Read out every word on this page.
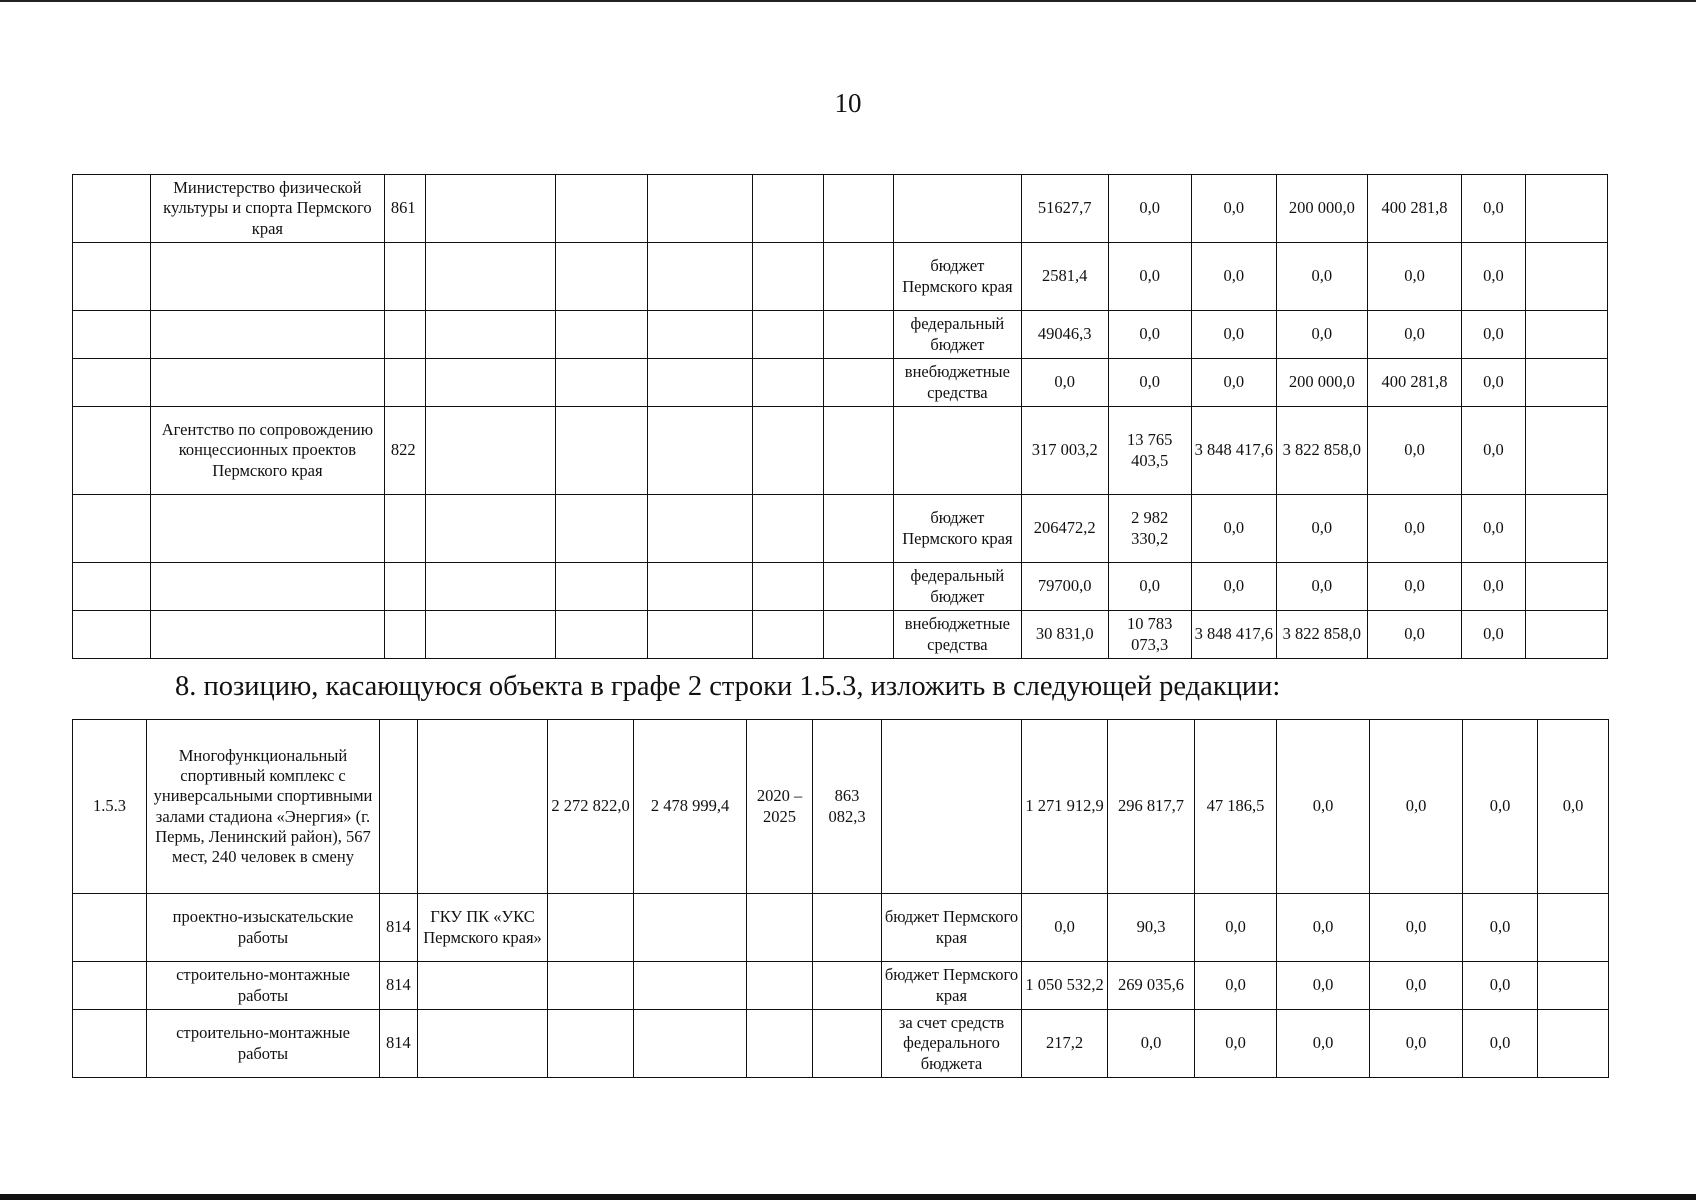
10
	Министерство физической культуры и спорта Пермского края	861							51627,7	0,0	0,0	200 000,0	400 281,8	0,0	
								бюджет Пермского края	2581,4	0,0	0,0	0,0	0,0	0,0	
								федеральный бюджет	49046,3	0,0	0,0	0,0	0,0	0,0	
								внебюджетные средства	0,0	0,0	0,0	200 000,0	400 281,8	0,0	
	Агентство по сопровождению концессионных проектов Пермского края	822							317 003,2	13 765 403,5	3 848 417,6	3 822 858,0	0,0	0,0	
								бюджет Пермского края	206472,2	2 982 330,2	0,0	0,0	0,0	0,0	
								федеральный бюджет	79700,0	0,0	0,0	0,0	0,0	0,0	
								внебюджетные средства	30 831,0	10 783 073,3	3 848 417,6	3 822 858,0	0,0	0,0	
8. позицию, касающуюся объекта в графе 2 строки 1.5.3, изложить в следующей редакции:
1.5.3	Многофункциональный спортивный комплекс с универсальными спортивными залами стадиона «Энергия» (г. Пермь, Ленинский район), 567 мест, 240 человек в смену			2 272 822,0	2 478 999,4	2020 – 2025	863 082,3		1 271 912,9	296 817,7	47 186,5	0,0	0,0	0,0	0,0
	проектно-изыскательские работы	814	ГКУ ПК «УКС Пермского края»					бюджет Пермского края	0,0	90,3	0,0	0,0	0,0	0,0	
	строительно-монтажные работы	814						бюджет Пермского края	1 050 532,2	269 035,6	0,0	0,0	0,0	0,0	
	строительно-монтажные работы	814						за счет средств федерального бюджета	217,2	0,0	0,0	0,0	0,0	0,0	
